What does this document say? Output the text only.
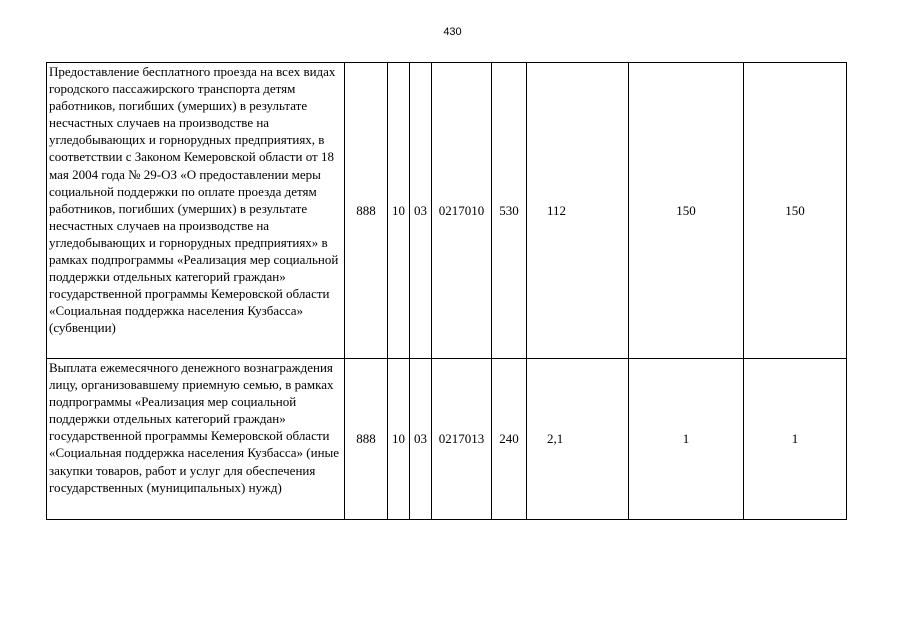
430
Предоставление бесплатного проезда на всех видах городского пассажирского транспорта детям работников, погибших (умерших) в результате несчастных случаев на производстве на угледобывающих и горнорудных предприятиях, в соответствии с Законом Кемеровской области от 18 мая 2004 года № 29-ОЗ «О предоставлении меры социальной поддержки по оплате проезда детям работников, погибших (умерших) в результате несчастных случаев на производстве на угледобывающих и горнорудных предприятиях» в рамках подпрограммы «Реализация мер социальной поддержки отдельных категорий граждан» государственной программы Кемеровской области «Социальная поддержка населения Кузбасса» (субвенции)	888	10	03	0217010	530	112	150	150
Выплата ежемесячного денежного вознаграждения лицу, организовавшему приемную семью, в рамках подпрограммы «Реализация мер социальной поддержки отдельных категорий граждан» государственной программы Кемеровской области «Социальная поддержка населения Кузбасса» (иные закупки товаров, работ и услуг для обеспечения государственных (муниципальных) нужд)	888	10	03	0217013	240	2,1	1	1
